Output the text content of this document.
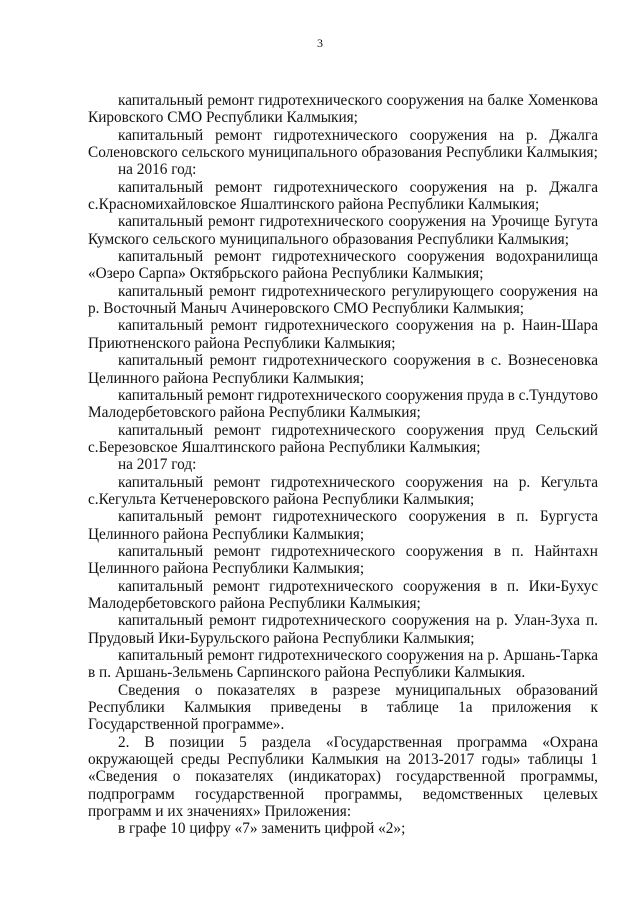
3

капитальный ремонт гидротехнического сооружения на балке Хоменкова Кировского СМО Республики Калмыкия;

капитальный ремонт гидротехнического сооружения на р. Джалга Соленовского сельского муниципального образования Республики Калмыкия;

на 2016 год:

капитальный ремонт гидротехнического сооружения на р. Джалга с.Красномихайловское Яшалтинского района Республики Калмыкия;

капитальный ремонт гидротехнического сооружения на Урочище Бугута Кумского сельского муниципального образования Республики Калмыкия;

капитальный ремонт гидротехнического сооружения водохранилища «Озеро Сарпа» Октябрьского района Республики Калмыкия;

капитальный ремонт гидротехнического регулирующего сооружения на р. Восточный Маныч Ачинеровского СМО Республики Калмыкия;

капитальный ремонт гидротехнического сооружения на р. Наин-Шара Приютненского района Республики Калмыкия;

капитальный ремонт гидротехнического сооружения в с. Вознесеновка Целинного района Республики Калмыкия;

капитальный ремонт гидротехнического сооружения пруда в с.Тундутово Малодербетовского района Республики Калмыкия;

капитальный ремонт гидротехнического сооружения пруд Сельский с.Березовское Яшалтинского района Республики Калмыкия;

на 2017 год:

капитальный ремонт гидротехнического сооружения на р. Кегульта с.Кегульта Кетченеровского района Республики Калмыкия;

капитальный ремонт гидротехнического сооружения в п. Бургуста Целинного района Республики Калмыкия;

капитальный ремонт гидротехнического сооружения в п. Найнтахн Целинного района Республики Калмыкия;

капитальный ремонт гидротехнического сооружения в п. Ики-Бухус Малодербетовского района Республики Калмыкия;

капитальный ремонт гидротехнического сооружения на р. Улан-Зуха п. Прудовый Ики-Бурульского района Республики Калмыкия;

капитальный ремонт гидротехнического сооружения на р. Аршань-Тарка в п. Аршань-Зельмень Сарпинского района Республики Калмыкия.

Сведения о показателях в разрезе муниципальных образований Республики Калмыкия приведены в таблице 1а приложения к Государственной программе».

2. В позиции 5 раздела «Государственная программа «Охрана окружающей среды Республики Калмыкия на 2013-2017 годы» таблицы 1 «Сведения о показателях (индикаторах) государственной программы, подпрограмм государственной программы, ведомственных целевых программ и их значениях» Приложения:

в графе 10 цифру «7» заменить цифрой «2»;
